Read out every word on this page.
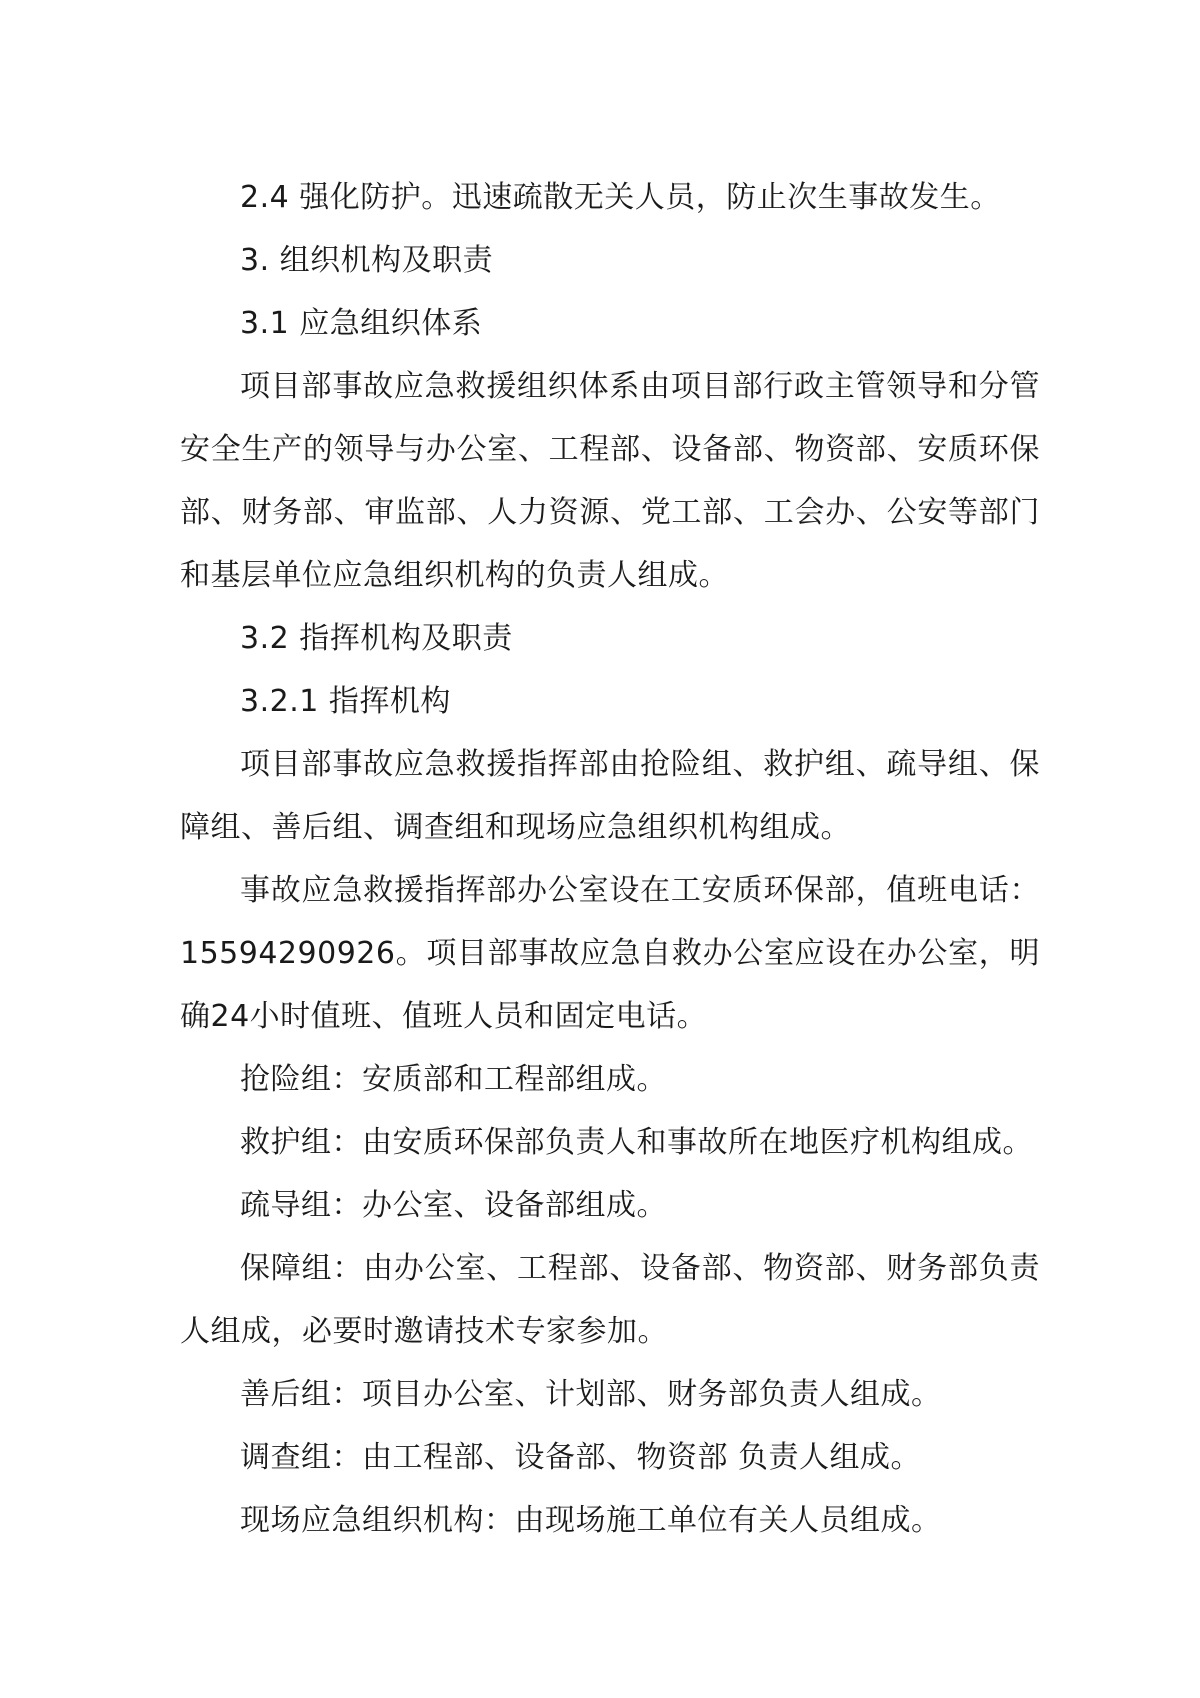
2.4 强化防护。迅速疏散无关人员，防止次生事故发生。

3. 组织机构及职责

3.1 应急组织体系

项目部事故应急救援组织体系由项目部行政主管领导和分管安全生产的领导与办公室、工程部、设备部、物资部、安质环保部、财务部、审监部、人力资源、党工部、工会办、公安等部门和基层单位应急组织机构的负责人组成。

3.2 指挥机构及职责

3.2.1 指挥机构

项目部事故应急救援指挥部由抢险组、救护组、疏导组、保障组、善后组、调查组和现场应急组织机构组成。

事故应急救援指挥部办公室设在工安质环保部，值班电话：15594290926。项目部事故应急自救办公室应设在办公室，明确24小时值班、值班人员和固定电话。

抢险组：安质部和工程部组成。

救护组：由安质环保部负责人和事故所在地医疗机构组成。

疏导组：办公室、设备部组成。

保障组：由办公室、工程部、设备部、物资部、财务部负责人组成，必要时邀请技术专家参加。

善后组：项目办公室、计划部、财务部负责人组成。

调查组：由工程部、设备部、物资部 负责人组成。

现场应急组织机构：由现场施工单位有关人员组成。
